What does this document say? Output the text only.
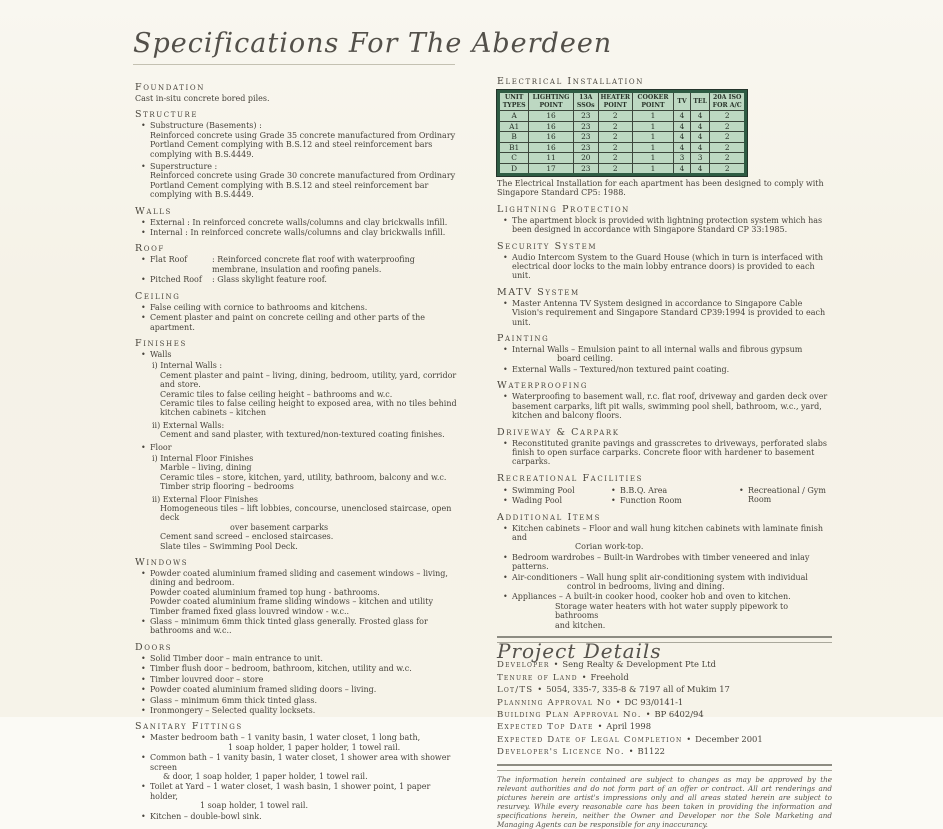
Specifications For The Aberdeen
Foundation
Cast in-situ concrete bored piles.
Structure
• Substructure (Basements) :
Reinforced concrete using Grade 35 concrete manufactured from Ordinary Portland Cement complying with B.S.12 and steel reinforcement bars complying with B.S.4449.
• Superstructure :
Reinforced concrete using Grade 30 concrete manufactured from Ordinary Portland Cement complying with B.S.12 and steel reinforcement bar complying with B.S.4449.
Walls
• External : In reinforced concrete walls/columns and clay brickwalls infill.
• Internal : In reinforced concrete walls/columns and clay brickwalls infill.
Roof
• Flat Roof	: Reinforced concrete flat roof with waterproofing membrane, insulation and roofing panels.
• Pitched Roof	: Glass skylight feature roof.
Ceiling
• False ceiling with cornice to bathrooms and kitchens.
• Cement plaster and paint on concrete ceiling and other parts of the apartment.
Finishes
• Walls
i) Internal Walls :
Cement plaster and paint – living, dining, bedroom, utility, yard, corridor and store.
Ceramic tiles to false ceiling height – bathrooms and w.c.
Ceramic tiles to false ceiling height to exposed area, with no tiles behind kitchen cabinets – kitchen
ii) External Walls:
Cement and sand plaster, with textured/non-textured coating finishes.
• Floor
i) Internal Floor Finishes
Marble – living, dining
Ceramic tiles – store, kitchen, yard, utility, bathroom, balcony and w.c.
Timber strip flooring – bedrooms
ii) External Floor Finishes
Homogeneous tiles – lift lobbies, concourse, unenclosed staircase, open deck
over basement carparks
Cement sand screed – enclosed staircases.
Slate tiles – Swimming Pool Deck.
Windows
• Powder coated aluminium framed sliding and casement windows – living, dining and bedroom.
Powder coated aluminium framed top hung - bathrooms.
Powder coated aluminium frame sliding windows – kitchen and utility
Timber framed fixed glass louvred window - w.c..
• Glass – minimum 6mm thick tinted glass generally. Frosted glass for bathrooms and w.c..
Doors
• Solid Timber door – main entrance to unit.
• Timber flush door – bedroom, bathroom, kitchen, utility and w.c.
• Timber louvred door – store
• Powder coated aluminium framed sliding doors – living.
• Glass – minimum 6mm thick tinted glass.
• Ironmongery – Selected quality locksets.
Sanitary Fittings
• Master bedroom bath – 1 vanity basin, 1 water closet, 1 long bath,
1 soap holder, 1 paper holder, 1 towel rail.
• Common bath – 1 vanity basin, 1 water closet, 1 shower area with shower screen
& door, 1 soap holder, 1 paper holder, 1 towel rail.
• Toilet at Yard – 1 water closet, 1 wash basin, 1 shower point, 1 paper holder,
1 soap holder, 1 towel rail.
• Kitchen – double-bowl sink.
Electrical Installation
UNIT TYPES	LIGHTING POINT	13A SSOs	HEATER POINT	COOKER POINT	TV	TEL	20A ISO FOR A/C
A	16	23	2	1	4	4	2
A1	16	23	2	1	4	4	2
B	16	23	2	1	4	4	2
B1	16	23	2	1	4	4	2
C	11	20	2	1	3	3	2
D	17	23	2	1	4	4	2
The Electrical Installation for each apartment has been designed to comply with Singapore Standard CP5: 1988.
Lightning Protection
• The apartment block is provided with lightning protection system which has been designed in accordance with Singapore Standard CP 33:1985.
Security System
• Audio Intercom System to the Guard House (which in turn is interfaced with electrical door locks to the main lobby entrance doors) is provided to each unit.
MATV System
• Master Antenna TV System designed in accordance to Singapore Cable Vision's requirement and Singapore Standard CP39:1994 is provided to each unit.
Painting
• Internal Walls – Emulsion paint to all internal walls and fibrous gypsum
board ceiling.
• External Walls – Textured/non textured paint coating.
Waterproofing
• Waterproofing to basement wall, r.c. flat roof, driveway and garden deck over basement carparks, lift pit walls, swimming pool shell, bathroom, w.c., yard, kitchen and balcony floors.
Driveway & Carpark
• Reconstituted granite pavings and grasscretes to driveways, perforated slabs finish to open surface carparks. Concrete floor with hardener to basement carparks.
Recreational Facilities
• Swimming Pool
• Wading Pool
• B.B.Q. Area
• Function Room
• Recreational / Gym Room
Additional Items
• Kitchen cabinets – Floor and wall hung kitchen cabinets with laminate finish and
Corian work-top.
• Bedroom wardrobes – Built-in Wardrobes with timber veneered and inlay patterns.
• Air-conditioners – Wall hung split air-conditioning system with individual
control in bedrooms, living and dining.
• Appliances – A built-in cooker hood, cooker hob and oven to kitchen.
Storage water heaters with hot water supply pipework to bathrooms
and kitchen.
Project Details
Developer • Seng Realty & Development Pte Ltd
Tenure of Land • Freehold
Lot/TS • 5054, 335-7, 335-8 & 7197 all of Mukim 17
Planning Approval No • DC 93/0141-1
Building Plan Approval No. • BP 6402/94
Expected Top Date • April 1998
Expected Date of Legal Completion • December 2001
Developer's Licence No. • B1122
The information herein contained are subject to changes as may be approved by the relevant authorities and do not form part of an offer or contract. All art renderings and pictures herein are artist's impressions only and all areas stated herein are subject to resurvey. While every reasonable care has been taken in providing the information and specifications herein, neither the Owner and Developer nor the Sole Marketing and Managing Agents can be responsible for any inaccurancy.
